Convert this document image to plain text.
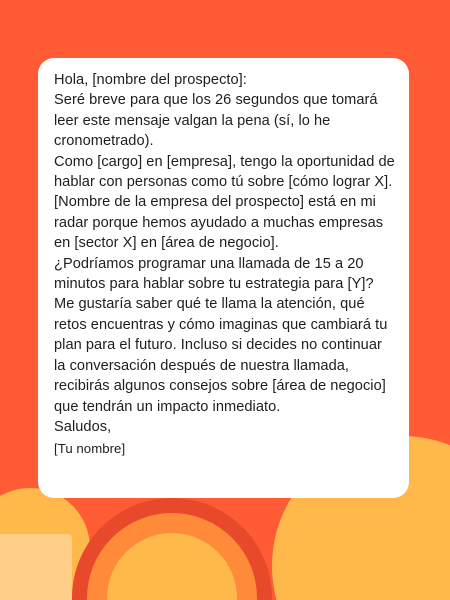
Hola, [nombre del prospecto]:

Seré breve para que los 26 segundos que tomará leer este mensaje valgan la pena (sí, lo he cronometrado).

Como [cargo] en [empresa], tengo la oportunidad de hablar con personas como tú sobre [cómo lograr X]. [Nombre de la empresa del prospecto] está en mi radar porque hemos ayudado a muchas empresas en [sector X] en [área de negocio].

¿Podríamos programar una llamada de 15 a 20 minutos para hablar sobre tu estrategia para [Y]? Me gustaría saber qué te llama la atención, qué retos encuentras y cómo imaginas que cambiará tu plan para el futuro. Incluso si decides no continuar la conversación después de nuestra llamada, recibirás algunos consejos sobre [área de negocio] que tendrán un impacto inmediato.

Saludos,

[Tu nombre]
